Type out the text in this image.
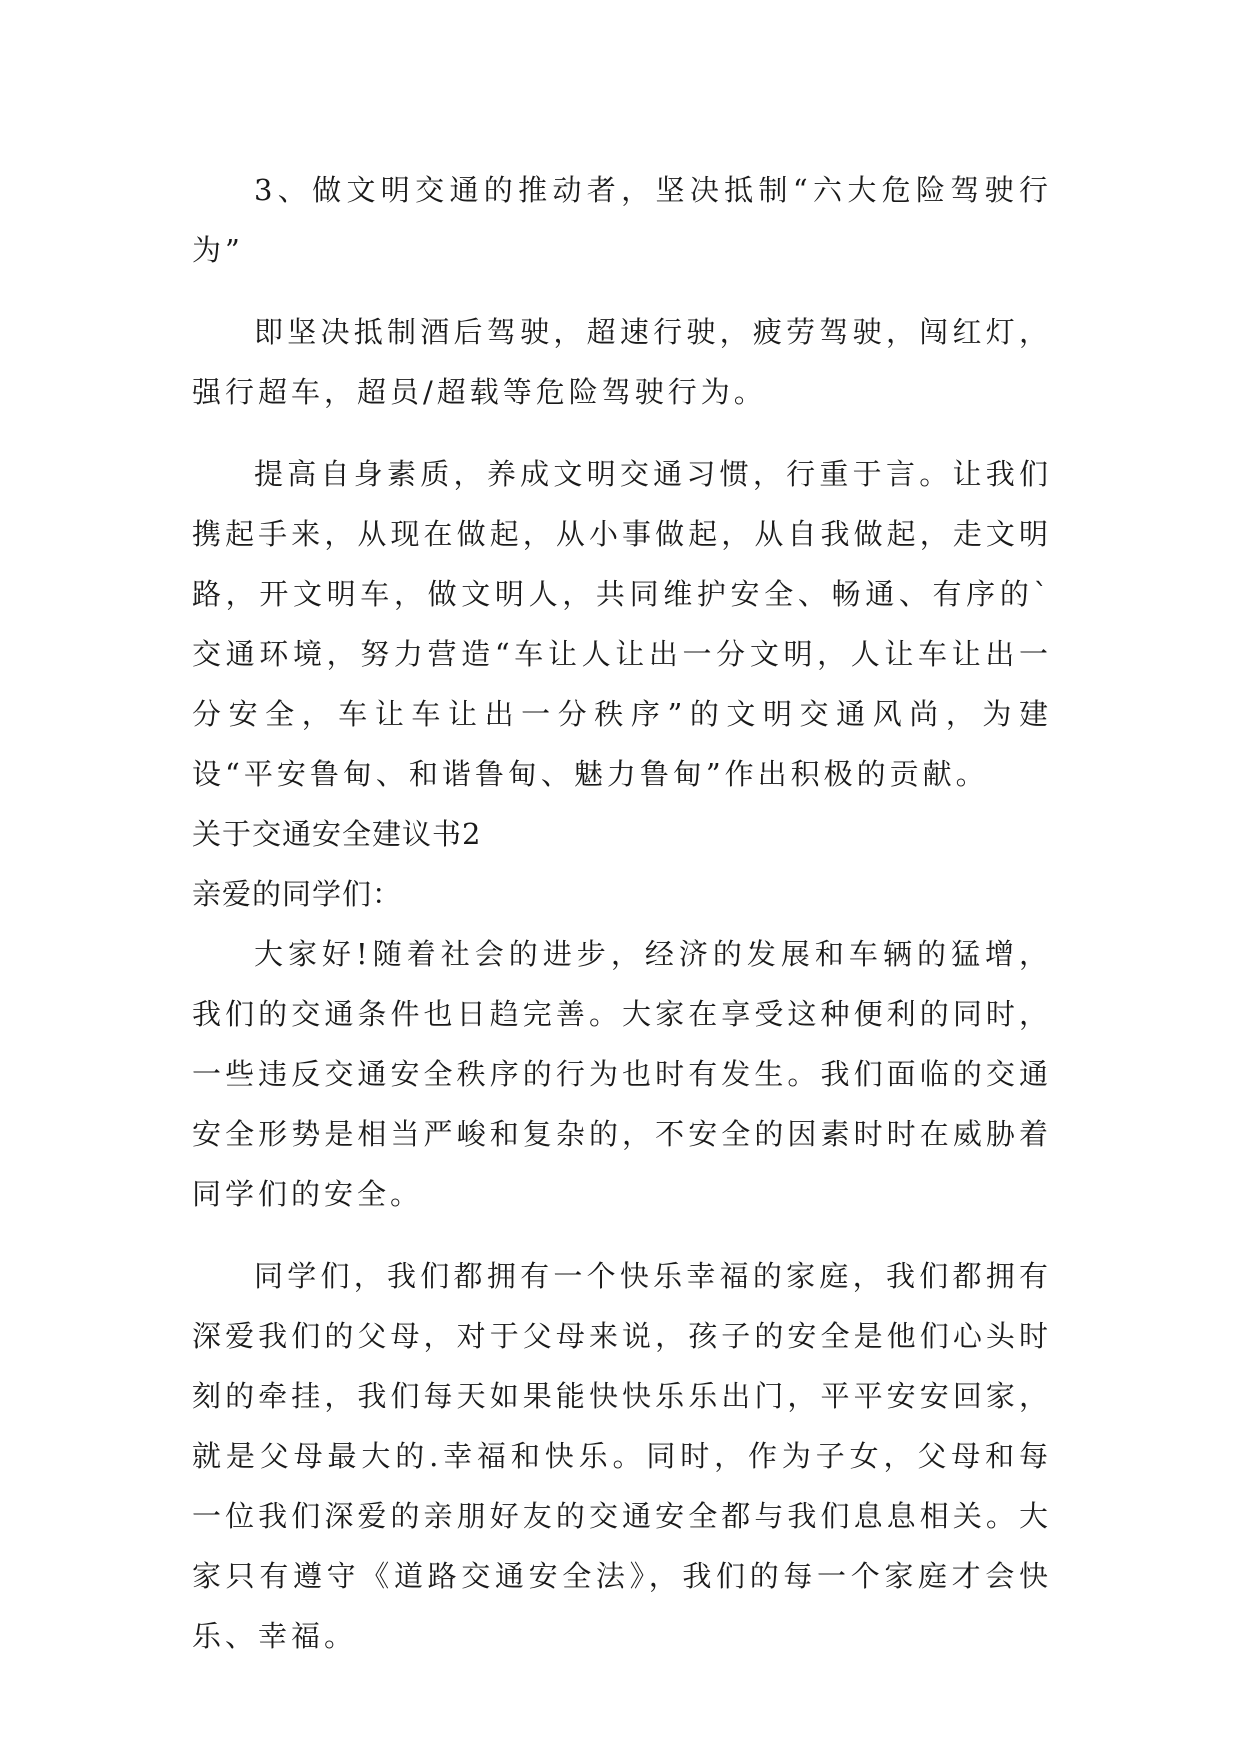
3、做文明交通的推动者，坚决抵制“六大危险驾驶行为”

即坚决抵制酒后驾驶，超速行驶，疲劳驾驶，闯红灯，强行超车，超员/超载等危险驾驶行为。

提高自身素质，养成文明交通习惯，行重于言。让我们携起手来，从现在做起，从小事做起，从自我做起，走文明路，开文明车，做文明人，共同维护安全、畅通、有序的`交通环境，努力营造“车让人让出一分文明，人让车让出一分安全，车让车让出一分秩序”的文明交通风尚，为建设“平安鲁甸、和谐鲁甸、魅力鲁甸”作出积极的贡献。

关于交通安全建议书2

亲爱的同学们：

大家好!随着社会的进步，经济的发展和车辆的猛增，我们的交通条件也日趋完善。大家在享受这种便利的同时，一些违反交通安全秩序的行为也时有发生。我们面临的交通安全形势是相当严峻和复杂的，不安全的因素时时在威胁着同学们的安全。

同学们，我们都拥有一个快乐幸福的家庭，我们都拥有深爱我们的父母，对于父母来说，孩子的安全是他们心头时刻的牵挂，我们每天如果能快快乐乐出门，平平安安回家，就是父母最大的.幸福和快乐。同时，作为子女，父母和每一位我们深爱的亲朋好友的交通安全都与我们息息相关。大家只有遵守《道路交通安全法》，我们的每一个家庭才会快乐、幸福。
